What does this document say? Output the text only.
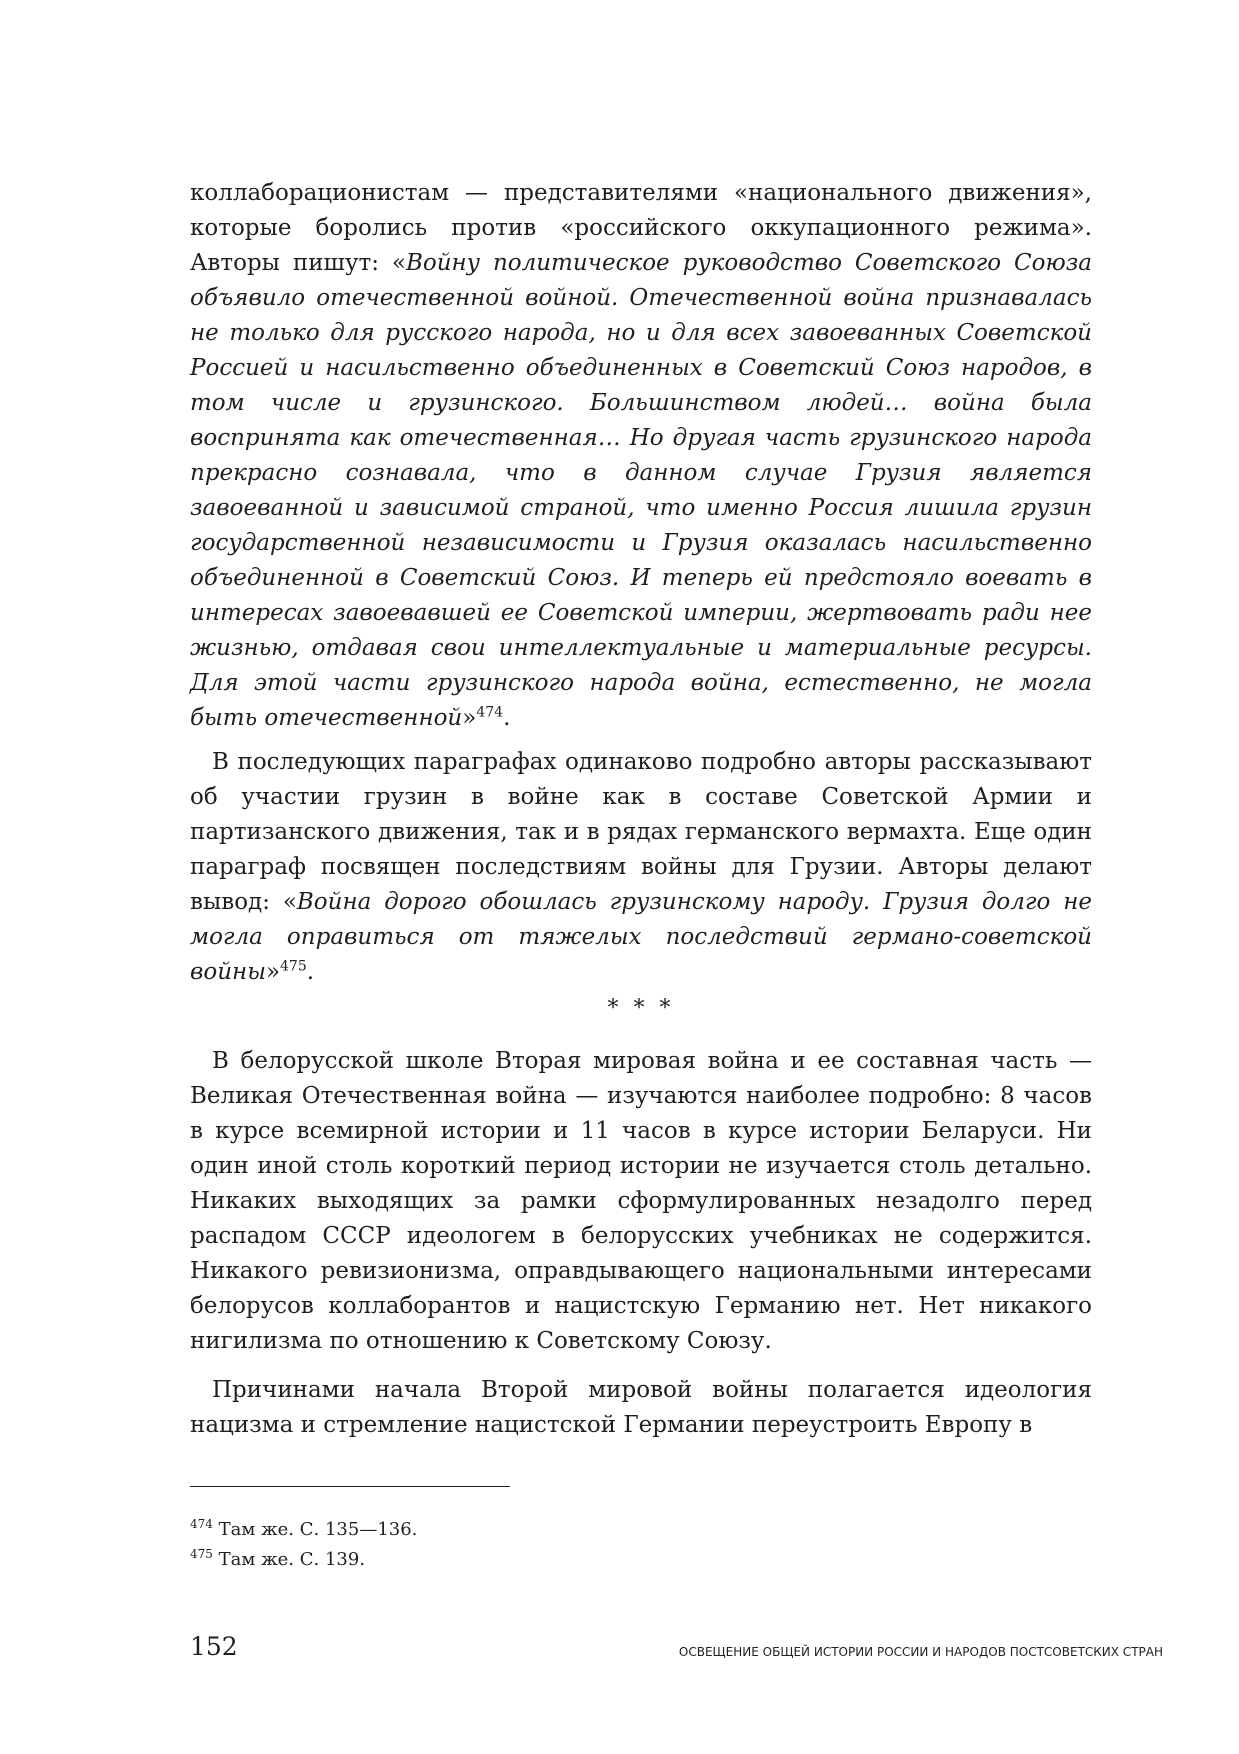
коллаборационистам — представителями «национального движения», которые боролись против «российского оккупационного режима». Авторы пишут: «Войну политическое руководство Советского Союза объявило отечественной войной. Отечественной война признавалась не только для русского народа, но и для всех завоеванных Советской Россией и насильственно объединенных в Советский Союз народов, в том числе и грузинского. Большинством людей… война была воспринята как отечественная… Но другая часть грузинского народа прекрасно сознавала, что в данном случае Грузия является завоеванной и зависимой страной, что именно Россия лишила грузин государственной независимости и Грузия оказалась насильственно объединенной в Советский Союз. И теперь ей предстояло воевать в интересах завоевавшей ее Советской империи, жертвовать ради нее жизнью, отдавая свои интеллектуальные и материальные ресурсы. Для этой части грузинского народа война, естественно, не могла быть отечественной»$^{474}$.

В последующих параграфах одинаково подробно авторы рассказывают об участии грузин в войне как в составе Советской Армии и партизанского движения, так и в рядах германского вермахта. Еще один параграф посвящен последствиям войны для Грузии. Авторы делают вывод: «Война дорого обошлась грузинскому народу. Грузия долго не могла оправиться от тяжелых последствий германо-советской войны»$^{475}$.

* * *

В белорусской школе Вторая мировая война и ее составная часть — Великая Отечественная война — изучаются наиболее подробно: 8 часов в курсе всемирной истории и 11 часов в курсе истории Беларуси. Ни один иной столь короткий период истории не изучается столь детально. Никаких выходящих за рамки сформулированных незадолго перед распадом СССР идеологем в белорусских учебниках не содержится. Никакого ревизионизма, оправдывающего национальными интересами белорусов коллаборантов и нацистскую Германию нет. Нет никакого нигилизма по отношению к Советскому Союзу.

Причинами начала Второй мировой войны полагается идеология нацизма и стремление нацистской Германии переустроить Европу в

$^{474}$ Там же. С. 135—136.

$^{475}$ Там же. С. 139.

152	ОСВЕЩЕНИЕ ОБЩЕЙ ИСТОРИИ РОССИИ И НАРОДОВ ПОСТСОВЕТСКИХ СТРАН
